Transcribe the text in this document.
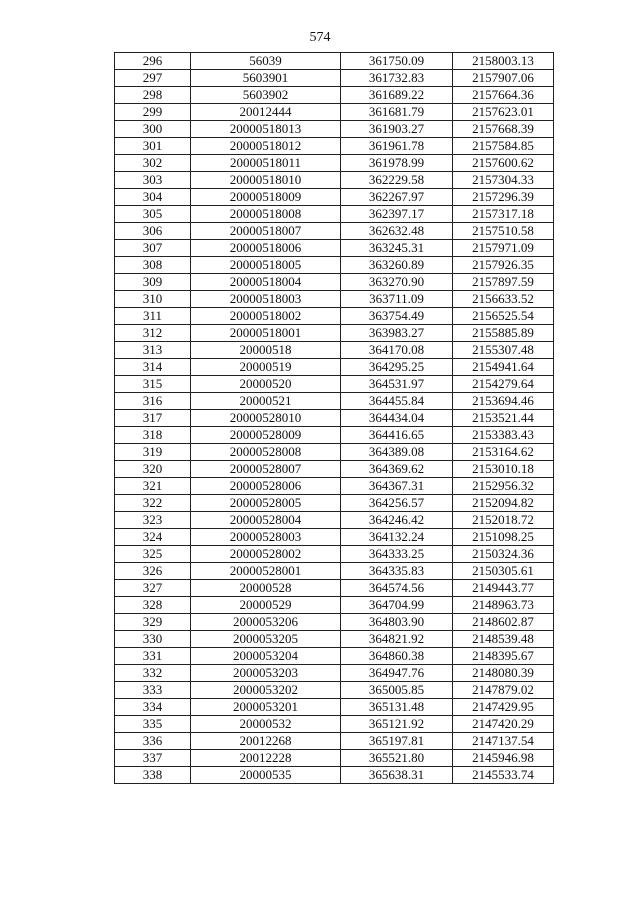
574
296	56039	361750.09	2158003.13
297	5603901	361732.83	2157907.06
298	5603902	361689.22	2157664.36
299	20012444	361681.79	2157623.01
300	20000518013	361903.27	2157668.39
301	20000518012	361961.78	2157584.85
302	20000518011	361978.99	2157600.62
303	20000518010	362229.58	2157304.33
304	20000518009	362267.97	2157296.39
305	20000518008	362397.17	2157317.18
306	20000518007	362632.48	2157510.58
307	20000518006	363245.31	2157971.09
308	20000518005	363260.89	2157926.35
309	20000518004	363270.90	2157897.59
310	20000518003	363711.09	2156633.52
311	20000518002	363754.49	2156525.54
312	20000518001	363983.27	2155885.89
313	20000518	364170.08	2155307.48
314	20000519	364295.25	2154941.64
315	20000520	364531.97	2154279.64
316	20000521	364455.84	2153694.46
317	20000528010	364434.04	2153521.44
318	20000528009	364416.65	2153383.43
319	20000528008	364389.08	2153164.62
320	20000528007	364369.62	2153010.18
321	20000528006	364367.31	2152956.32
322	20000528005	364256.57	2152094.82
323	20000528004	364246.42	2152018.72
324	20000528003	364132.24	2151098.25
325	20000528002	364333.25	2150324.36
326	20000528001	364335.83	2150305.61
327	20000528	364574.56	2149443.77
328	20000529	364704.99	2148963.73
329	2000053206	364803.90	2148602.87
330	2000053205	364821.92	2148539.48
331	2000053204	364860.38	2148395.67
332	2000053203	364947.76	2148080.39
333	2000053202	365005.85	2147879.02
334	2000053201	365131.48	2147429.95
335	20000532	365121.92	2147420.29
336	20012268	365197.81	2147137.54
337	20012228	365521.80	2145946.98
338	20000535	365638.31	2145533.74
